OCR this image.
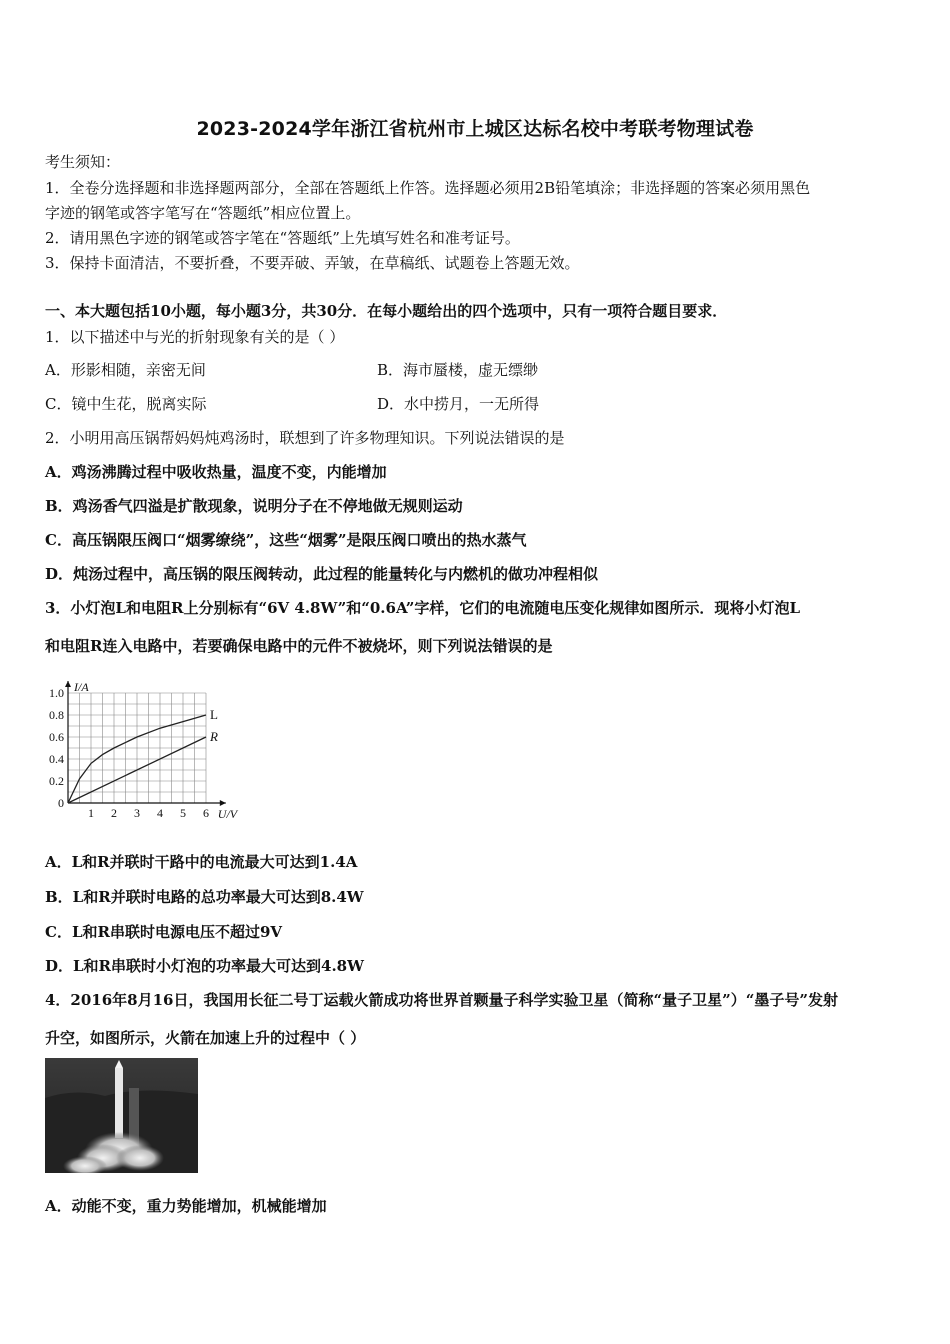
2023-2024学年浙江省杭州市上城区达标名校中考联考物理试卷
考生须知：
1．全卷分选择题和非选择题两部分，全部在答题纸上作答。选择题必须用2B铅笔填涂；非选择题的答案必须用黑色
字迹的钢笔或答字笔写在“答题纸”相应位置上。
2．请用黑色字迹的钢笔或答字笔在“答题纸”上先填写姓名和准考证号。
3．保持卡面清洁，不要折叠，不要弄破、弄皱，在草稿纸、试题卷上答题无效。
一、本大题包括10小题，每小题3分，共30分．在每小题给出的四个选项中，只有一项符合题目要求．
1．以下描述中与光的折射现象有关的是（ ）
A．形影相随，亲密无间	B．海市蜃楼，虚无缥缈
C．镜中生花，脱离实际	D．水中捞月，一无所得
2．小明用高压锅帮妈妈炖鸡汤时，联想到了许多物理知识。下列说法错误的是
A．鸡汤沸腾过程中吸收热量，温度不变，内能增加
B．鸡汤香气四溢是扩散现象，说明分子在不停地做无规则运动
C．高压锅限压阀口“烟雾缭绕”，这些“烟雾”是限压阀口喷出的热水蒸气
D．炖汤过程中，高压锅的限压阀转动，此过程的能量转化与内燃机的做功冲程相似
3．小灯泡L和电阻R上分别标有“6V 4.8W”和“0.6A”字样，它们的电流随电压变化规律如图所示．现将小灯泡L
和电阻R连入电路中，若要确保电路中的元件不被烧坏，则下列说法错误的是
1 2 3 4 5 6
0.2
0.4
0.6
0.8
1.0
0
L
R
I/A
U/V
A．L和R并联时干路中的电流最大可达到1.4A
B．L和R并联时电路的总功率最大可达到8.4W
C．L和R串联时电源电压不超过9V
D．L和R串联时小灯泡的功率最大可达到4.8W
4．2016年8月16日，我国用长征二号丁运载火箭成功将世界首颗量子科学实验卫星（简称“量子卫星”）“墨子号”发射
升空，如图所示，火箭在加速上升的过程中（ ）
A．动能不变，重力势能增加，机械能增加
